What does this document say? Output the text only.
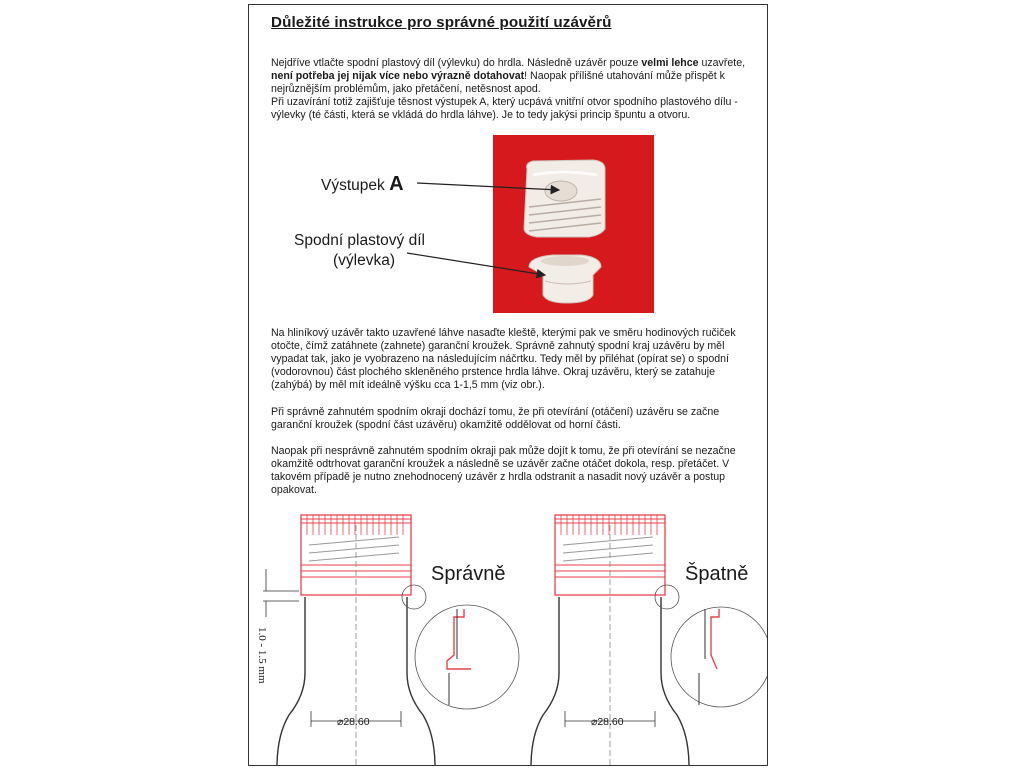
Důležité instrukce pro správné použití uzávěrů
Nejdříve vtlačte spodní plastový díl (výlevku) do hrdla. Následně uzávěr pouze velmi lehce uzavřete, není potřeba jej nijak více nebo výrazně dotahovat! Naopak přílišné utahování může přispět k nejrůznějším problémům, jako přetáčení, netěsnost apod.
Při uzavírání totiž zajišťuje těsnost výstupek A, který ucpává vnitřní otvor spodního plastového dílu - výlevky (té části, která se vkládá do hrdla láhve). Je to tedy jakýsi princip špuntu a otvoru.
Výstupek A
Spodní plastový díl
(výlevka)
Na hliníkový uzávěr takto uzavřené láhve nasaďte kleště, kterými pak ve směru hodinových ručiček otočte, čímž zatáhnete (zahnete) garanční kroužek. Správně zahnutý spodní kraj uzávěru by měl vypadat tak, jako je vyobrazeno na následujícím náčrtku. Tedy měl by přiléhat (opírat se) o spodní (vodorovnou) část plochého skleněného prstence hrdla láhve. Okraj uzávěru, který se zatahuje (zahýbá) by měl mít ideálně výšku cca 1-1,5 mm (viz obr.).
Při správně zahnutém spodním okraji dochází tomu, že při otevírání (otáčení) uzávěru se začne garanční kroužek (spodní část uzávěru) okamžitě oddělovat od horní části.
Naopak při nesprávně zahnutém spodním okraji pak může dojít k tomu, že při otevírání se nezačne okamžitě odtrhovat garanční kroužek a následně se uzávěr začne otáčet dokola, resp. přetáčet. V takovém případě je nutno znehodnocený uzávěr z hrdla odstranit a nasadit nový uzávěr a postup opakovat.
Správně	Špatně
1.0 - 1.5 mm
⌀28.60	⌀28.60
